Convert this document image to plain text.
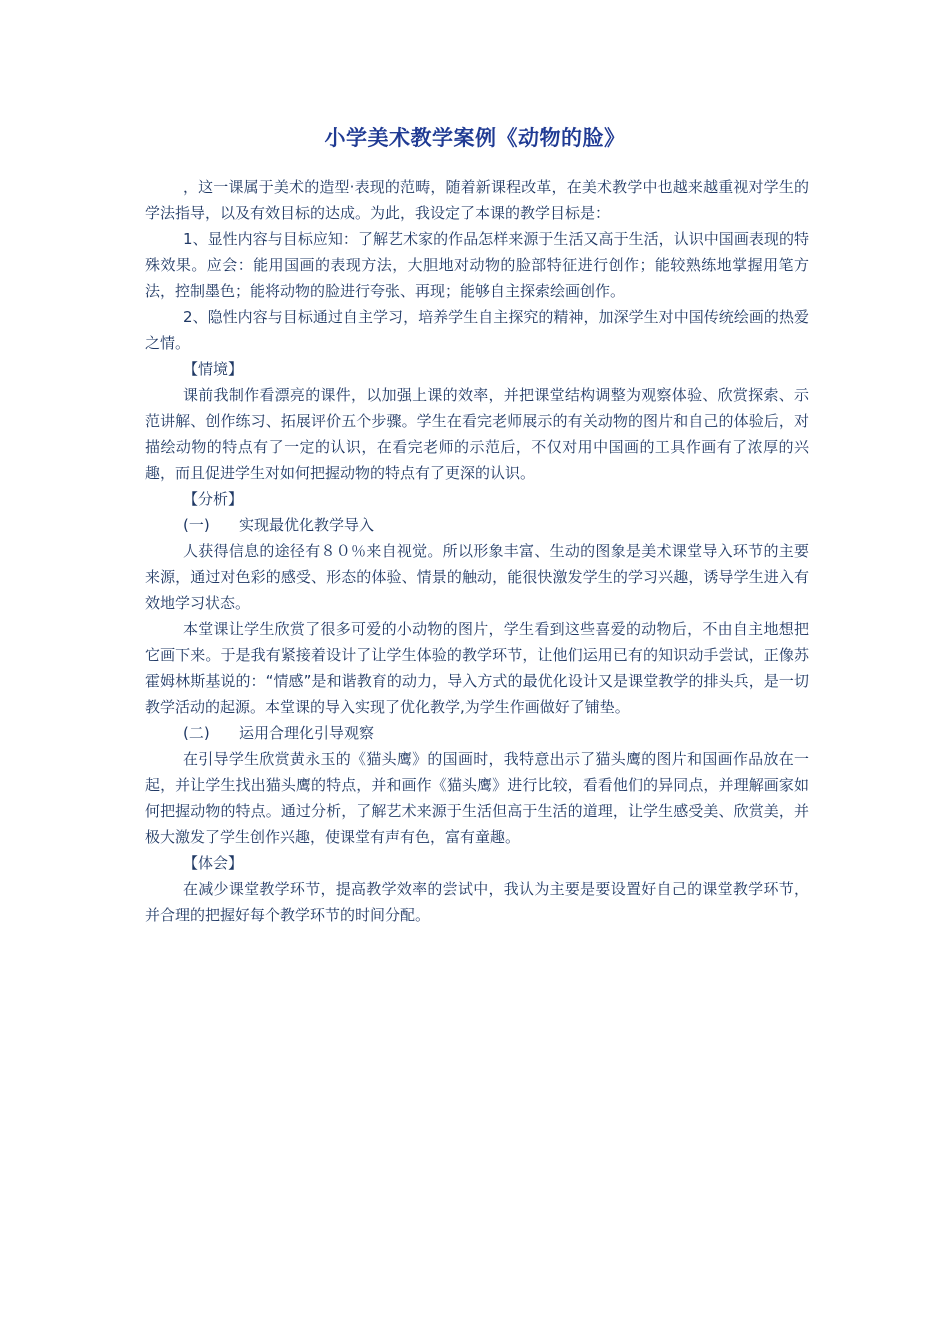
小学美术教学案例《动物的脸》

，这一课属于美术的造型·表现的范畴，随着新课程改革，在美术教学中也越来越重视对学生的学法指导，以及有效目标的达成。为此，我设定了本课的教学目标是：

1、显性内容与目标应知：了解艺术家的作品怎样来源于生活又高于生活，认识中国画表现的特殊效果。应会：能用国画的表现方法，大胆地对动物的脸部特征进行创作；能较熟练地掌握用笔方法，控制墨色；能将动物的脸进行夸张、再现；能够自主探索绘画创作。

2、隐性内容与目标通过自主学习，培养学生自主探究的精神，加深学生对中国传统绘画的热爱之情。

【情境】

课前我制作看漂亮的课件，以加强上课的效率，并把课堂结构调整为观察体验、欣赏探索、示范讲解、创作练习、拓展评价五个步骤。学生在看完老师展示的有关动物的图片和自己的体验后，对描绘动物的特点有了一定的认识，在看完老师的示范后，不仅对用中国画的工具作画有了浓厚的兴趣，而且促进学生对如何把握动物的特点有了更深的认识。

【分析】

(一) 实现最优化教学导入

人获得信息的途径有８０％来自视觉。所以形象丰富、生动的图象是美术课堂导入环节的主要来源，通过对色彩的感受、形态的体验、情景的触动，能很快激发学生的学习兴趣，诱导学生进入有效地学习状态。

本堂课让学生欣赏了很多可爱的小动物的图片，学生看到这些喜爱的动物后，不由自主地想把它画下来。于是我有紧接着设计了让学生体验的教学环节，让他们运用已有的知识动手尝试，正像苏霍姆林斯基说的：“情感”是和谐教育的动力，导入方式的最优化设计又是课堂教学的排头兵，是一切教学活动的起源。本堂课的导入实现了优化教学,为学生作画做好了铺垫。

(二) 运用合理化引导观察

在引导学生欣赏黄永玉的《猫头鹰》的国画时，我特意出示了猫头鹰的图片和国画作品放在一起，并让学生找出猫头鹰的特点，并和画作《猫头鹰》进行比较，看看他们的异同点，并理解画家如何把握动物的特点。通过分析，了解艺术来源于生活但高于生活的道理，让学生感受美、欣赏美，并极大激发了学生创作兴趣，使课堂有声有色，富有童趣。

【体会】

在减少课堂教学环节，提高教学效率的尝试中，我认为主要是要设置好自己的课堂教学环节，并合理的把握好每个教学环节的时间分配。
